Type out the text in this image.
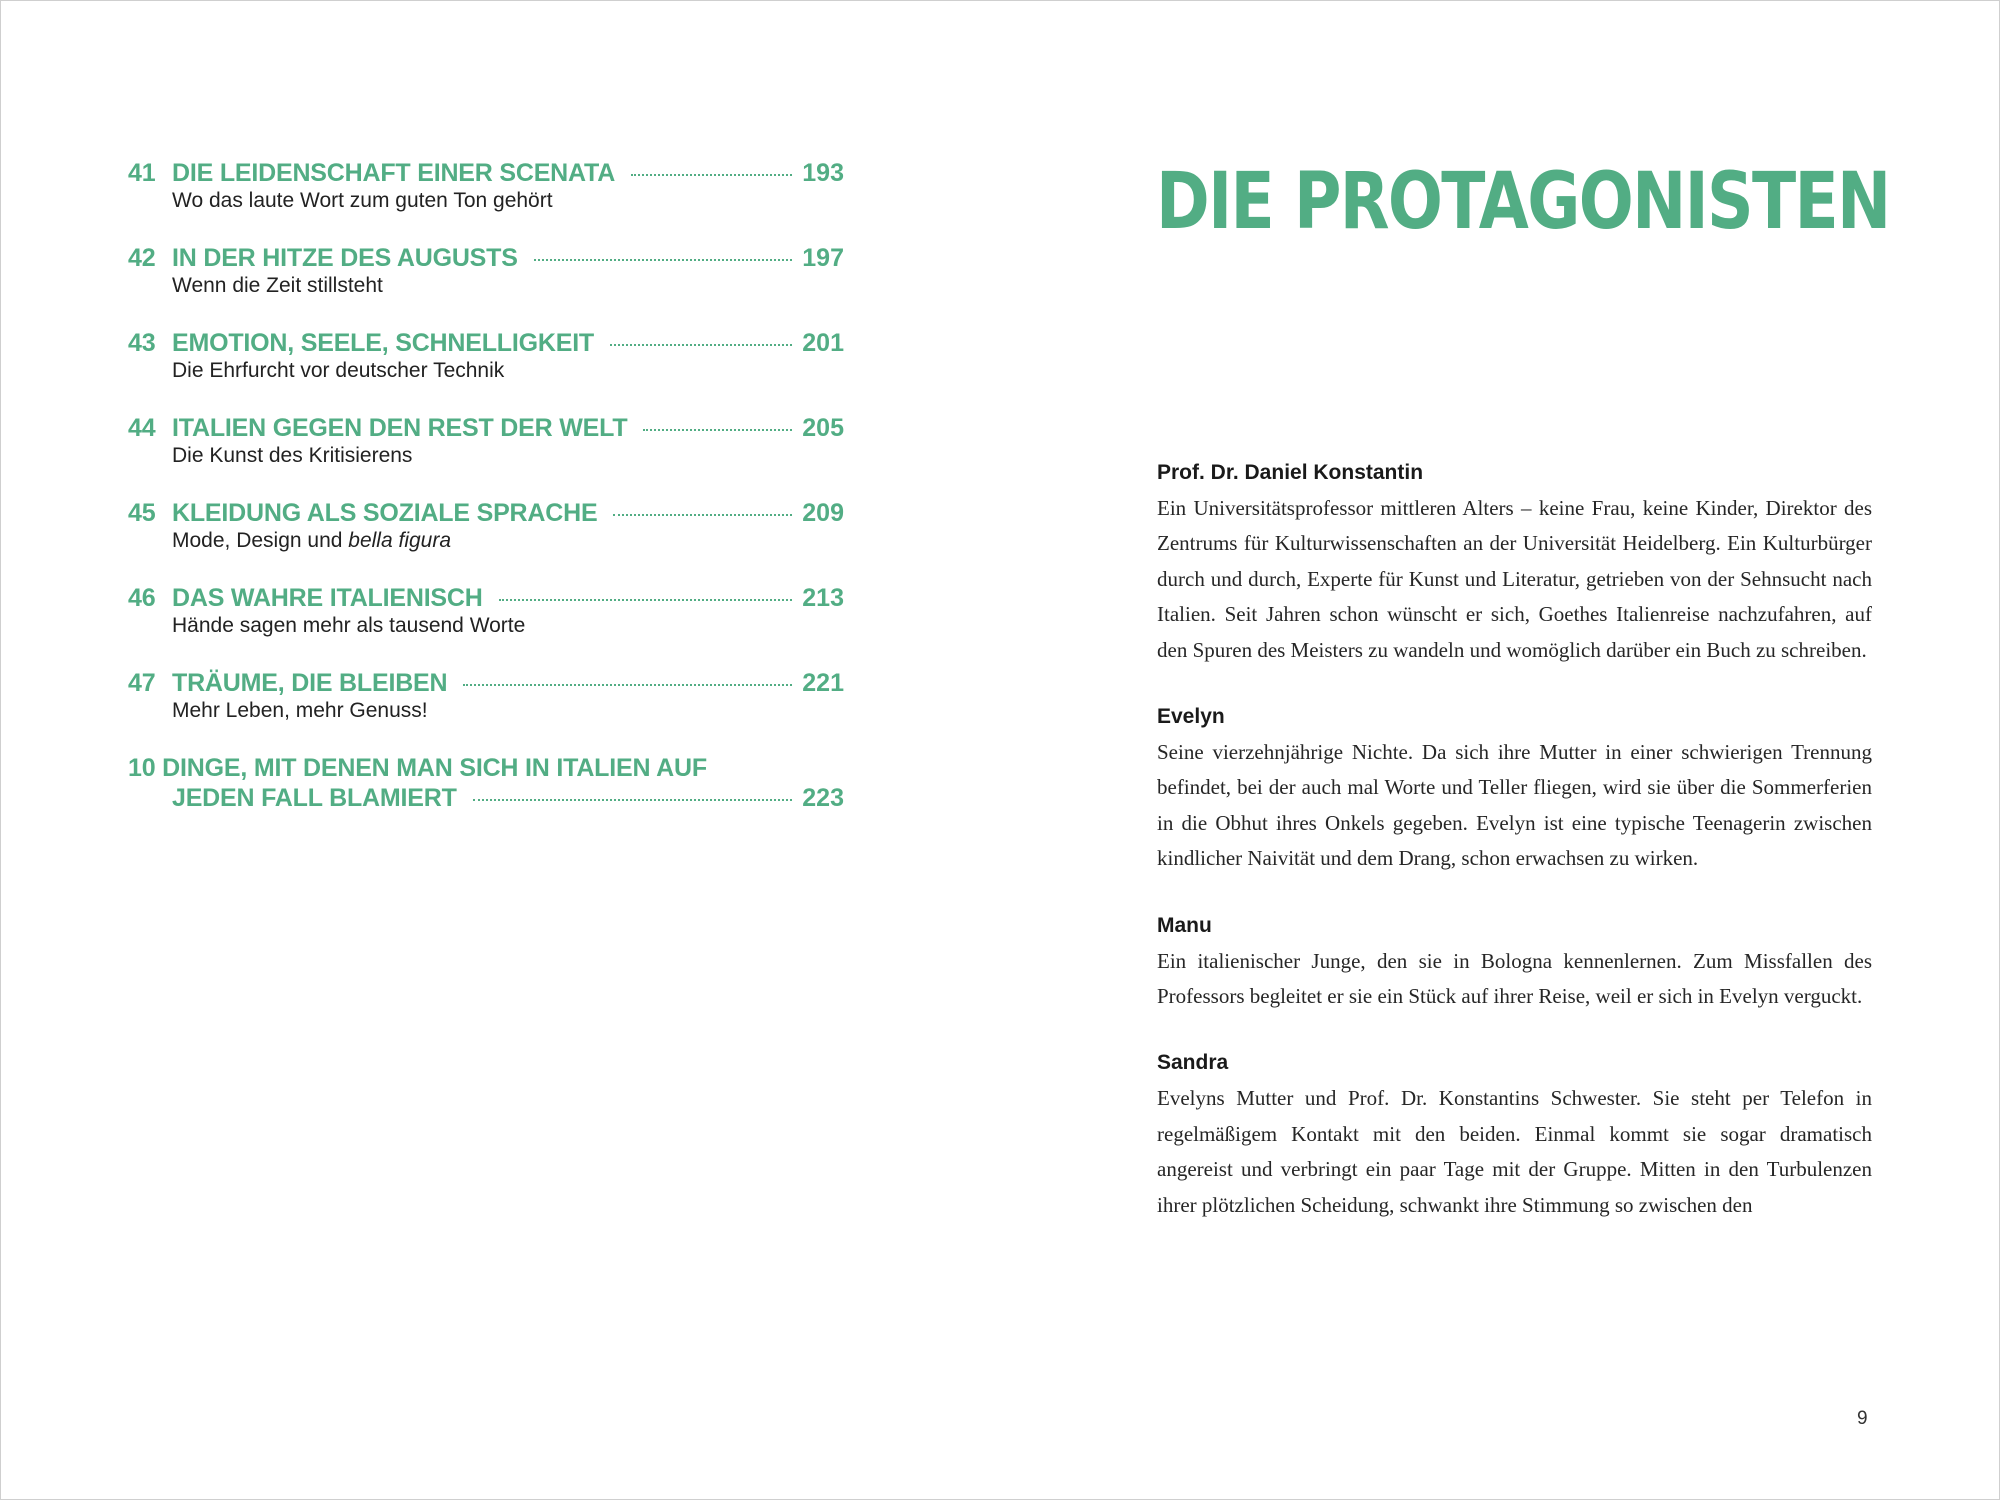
41 DIE LEIDENSCHAFT EINER SCENATA	193
Wo das laute Wort zum guten Ton gehört
42 IN DER HITZE DES AUGUSTS	197
Wenn die Zeit stillsteht
43 EMOTION, SEELE, SCHNELLIGKEIT	201
Die Ehrfurcht vor deutscher Technik
44 ITALIEN GEGEN DEN REST DER WELT	205
Die Kunst des Kritisierens
45 KLEIDUNG ALS SOZIALE SPRACHE	209
Mode, Design und bella figura
46 DAS WAHRE ITALIENISCH	213
Hände sagen mehr als tausend Worte
47 TRÄUME, DIE BLEIBEN	221
Mehr Leben, mehr Genuss!
10 DINGE, MIT DENEN MAN SICH IN ITALIEN AUF
JEDEN FALL BLAMIERT	223
DIE PROTAGONISTEN
Prof. Dr. Daniel Konstantin
Ein Universitätsprofessor mittleren Alters – keine Frau, keine Kinder, Direktor des Zentrums für Kulturwissenschaften an der Universität Heidelberg. Ein Kulturbürger durch und durch, Experte für Kunst und Literatur, getrieben von der Sehnsucht nach Italien. Seit Jahren schon wünscht er sich, Goethes Italienreise nachzufahren, auf den Spuren des Meisters zu wandeln und womöglich darüber ein Buch zu schreiben.
Evelyn
Seine vierzehnjährige Nichte. Da sich ihre Mutter in einer schwierigen Trennung befindet, bei der auch mal Worte und Teller fliegen, wird sie über die Sommerferien in die Obhut ihres Onkels gegeben. Evelyn ist eine typische Teenagerin zwischen kindlicher Naivität und dem Drang, schon erwachsen zu wirken.
Manu
Ein italienischer Junge, den sie in Bologna kennenlernen. Zum Missfallen des Professors begleitet er sie ein Stück auf ihrer Reise, weil er sich in Evelyn verguckt.
Sandra
Evelyns Mutter und Prof. Dr. Konstantins Schwester. Sie steht per Telefon in regelmäßigem Kontakt mit den beiden. Einmal kommt sie sogar dramatisch angereist und verbringt ein paar Tage mit der Gruppe. Mitten in den Turbulenzen ihrer plötzlichen Scheidung, schwankt ihre Stimmung so zwischen den
9
